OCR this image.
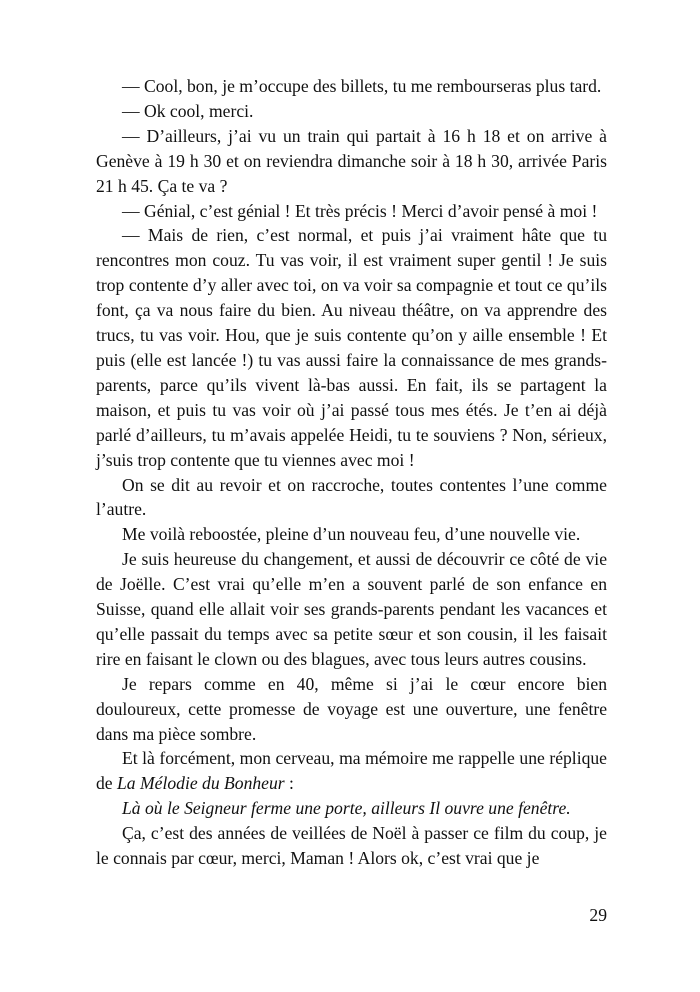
— Cool, bon, je m’occupe des billets, tu me rembourseras plus tard.

— Ok cool, merci.

— D’ailleurs, j’ai vu un train qui partait à 16 h 18 et on arrive à Genève à 19 h 30 et on reviendra dimanche soir à 18 h 30, arrivée Paris 21 h 45. Ça te va ?

— Génial, c’est génial ! Et très précis ! Merci d’avoir pensé à moi !

— Mais de rien, c’est normal, et puis j’ai vraiment hâte que tu rencontres mon couz. Tu vas voir, il est vraiment super gentil ! Je suis trop contente d’y aller avec toi, on va voir sa compagnie et tout ce qu’ils font, ça va nous faire du bien. Au niveau théâtre, on va apprendre des trucs, tu vas voir. Hou, que je suis contente qu’on y aille ensemble ! Et puis (elle est lancée !) tu vas aussi faire la connaissance de mes grands-parents, parce qu’ils vivent là-bas aussi. En fait, ils se partagent la maison, et puis tu vas voir où j’ai passé tous mes étés. Je t’en ai déjà parlé d’ailleurs, tu m’avais appelée Heidi, tu te souviens ? Non, sérieux, j’suis trop contente que tu viennes avec moi !

On se dit au revoir et on raccroche, toutes contentes l’une comme l’autre.

Me voilà reboostée, pleine d’un nouveau feu, d’une nouvelle vie.

Je suis heureuse du changement, et aussi de découvrir ce côté de vie de Joëlle. C’est vrai qu’elle m’en a souvent parlé de son enfance en Suisse, quand elle allait voir ses grands-parents pendant les vacances et qu’elle passait du temps avec sa petite sœur et son cousin, il les faisait rire en faisant le clown ou des blagues, avec tous leurs autres cousins.

Je repars comme en 40, même si j’ai le cœur encore bien douloureux, cette promesse de voyage est une ouverture, une fenêtre dans ma pièce sombre.

Et là forcément, mon cerveau, ma mémoire me rappelle une réplique de La Mélodie du Bonheur :

Là où le Seigneur ferme une porte, ailleurs Il ouvre une fenêtre.

Ça, c’est des années de veillées de Noël à passer ce film du coup, je le connais par cœur, merci, Maman ! Alors ok, c’est vrai que je

29
